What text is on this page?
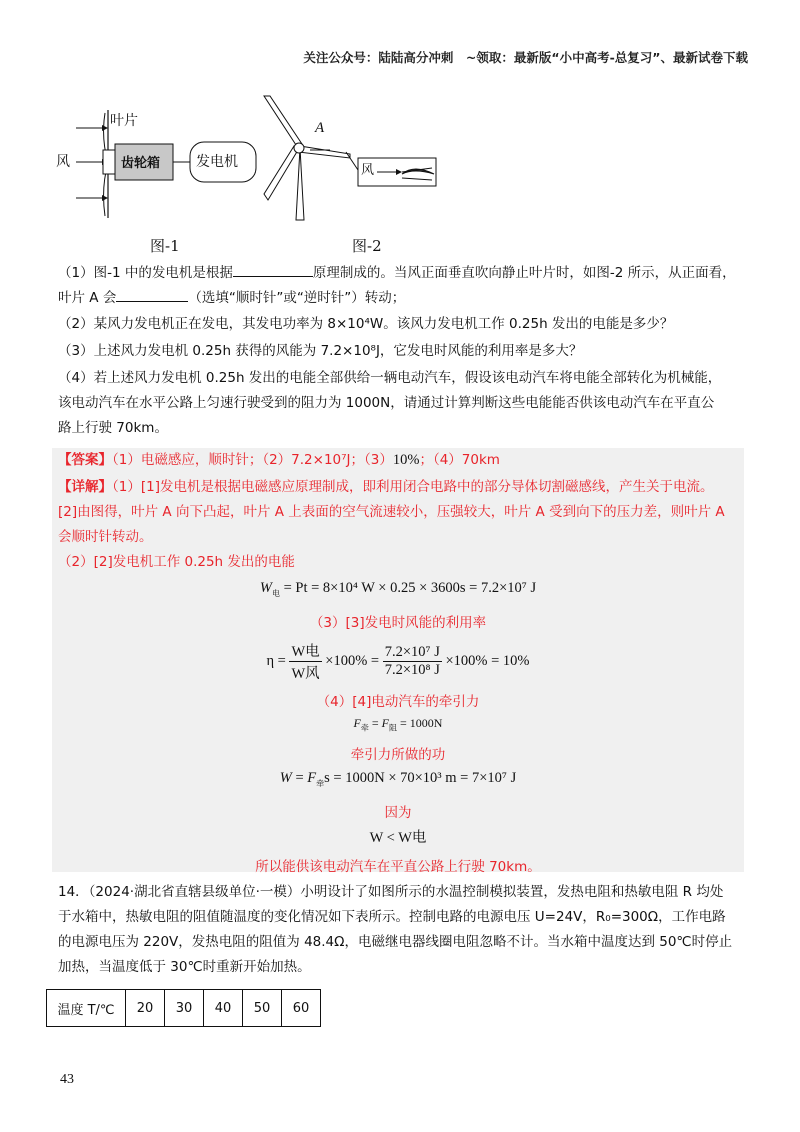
关注公众号：陆陆高分冲刺　~领取：最新版“小中高考-总复习”、最新试卷下载
叶片
风	齿轮箱	发电机
图-1
A
风
图-2
（1）图-1 中的发电机是根据	原理制成的。当风正面垂直吹向静止叶片时，如图-2 所示，从正面看，
叶片 A 会	（选填“顺时针”或“逆时针”）转动；
（2）某风力发电机正在发电，其发电功率为 8×10⁴W。该风力发电机工作 0.25h 发出的电能是多少？
（3）上述风力发电机 0.25h 获得的风能为 7.2×10⁸J，它发电时风能的利用率是多大？
（4）若上述风力发电机 0.25h 发出的电能全部供给一辆电动汽车，假设该电动汽车将电能全部转化为机械能，
该电动汽车在水平公路上匀速行驶受到的阻力为 1000N，请通过计算判断这些电能能否供该电动汽车在平直公
路上行驶 70km。
【答案】（1）电磁感应，顺时针；（2）7.2×10⁷J；（3）10%；（4）70km
【详解】（1）[1]发电机是根据电磁感应原理制成，即利用闭合电路中的部分导体切割磁感线，产生关于电流。
[2]由图得，叶片 A 向下凸起，叶片 A 上表面的空气流速较小，压强较大，叶片 A 受到向下的压力差，则叶片 A
会顺时针转动。
（2）[2]发电机工作 0.25h 发出的电能
$W_电 = Pt = 8\times 10^4$ W × 0.25 × 3600s = 7.2×10⁷ J
（3）[3]发电时风能的利用率
$\eta = \frac{\text{W电}}{\text{W风}} \times 100\% = \frac{\text{7.2×10⁷ J}}{\text{7.2×10⁸ J}} \times 100\% = 10\%$
（4）[4]电动汽车的牵引力
$F_牵 = F_阻 = 1000N$
牵引力所做的功
$W = F_牵s = 1000N \times 70\times 10^3$ m = 7×10⁷ J
因为
W < W电
所以能供该电动汽车在平直公路上行驶 70km。
14．（2024·湖北省直辖县级单位·一模）小明设计了如图所示的水温控制模拟装置，发热电阻和热敏电阻 R 均处
于水箱中，热敏电阻的阻值随温度的变化情况如下表所示。控制电路的电源电压 U=24V，R₀=300Ω，工作电路
的电源电压为 220V，发热电阻的阻值为 48.4Ω，电磁继电器线圈电阻忽略不计。当水箱中温度达到 50℃时停止
加热，当温度低于 30℃时重新开始加热。
温度 T/℃	20	30	40	50	60
43
